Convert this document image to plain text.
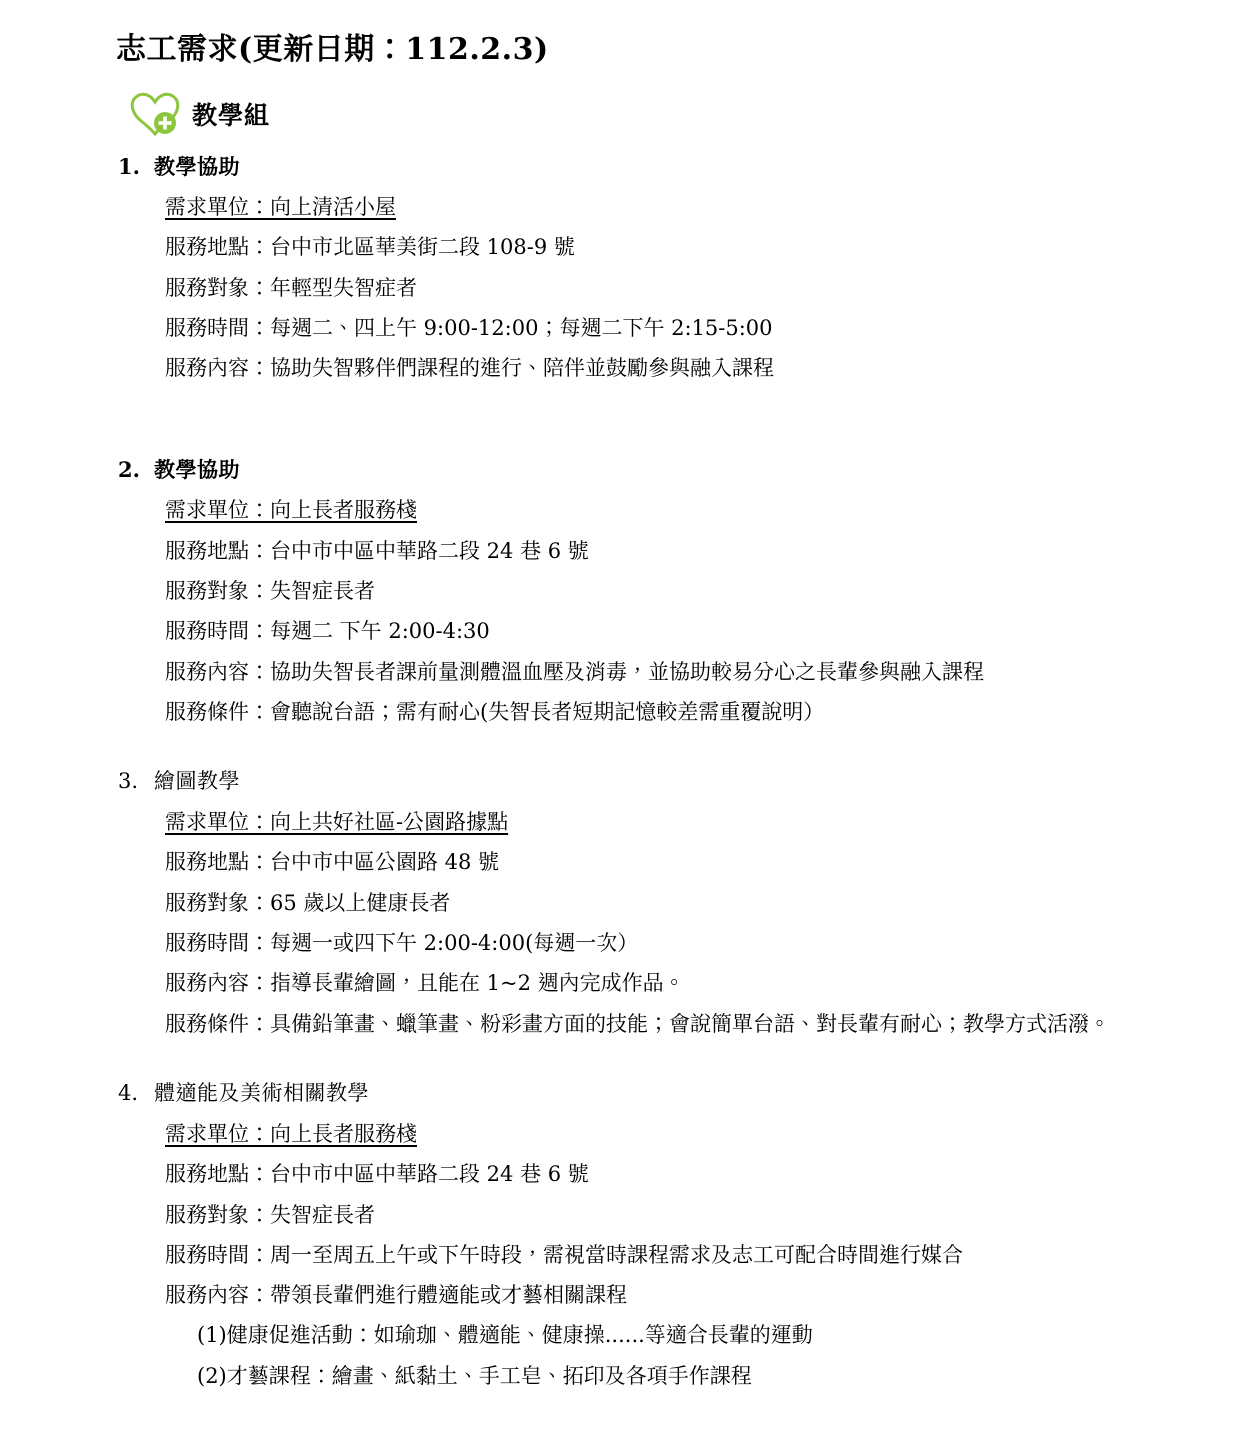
志工需求(更新日期：112.2.3)
教學組
1. 教學協助
需求單位： 向上清活小屋
服務地點： 台中市北區華美街二段 108-9 號
服務對象： 年輕型失智症者
服務時間： 每週二、四上午 9:00-12:00；每週二下午 2:15-5:00
服務內容： 協助失智夥伴們課程的進行、陪伴並鼓勵參與融入課程
2. 教學協助
需求單位： 向上長者服務棧
服務地點： 台中市中區中華路二段 24 巷 6 號
服務對象： 失智症長者
服務時間： 每週二 下午 2:00-4:30
服務內容： 協助失智長者課前量測體溫血壓及消毒，並協助較易分心之長輩參與融入課程
服務條件： 會聽說台語；需有耐心(失智長者短期記憶較差需重覆說明）
3. 繪圖教學
需求單位： 向上共好社區-公園路據點
服務地點： 台中市中區公園路 48 號
服務對象： 65 歲以上健康長者
服務時間： 每週一或四下午 2:00-4:00(每週一次）
服務內容： 指導長輩繪圖，且能在 1~2 週內完成作品。
服務條件： 具備鉛筆畫、蠟筆畫、粉彩畫方面的技能；會說簡單台語、對長輩有耐心；教學方式活潑。
4. 體適能及美術相關教學
需求單位： 向上長者服務棧
服務地點： 台中市中區中華路二段 24 巷 6 號
服務對象： 失智症長者
服務時間： 周一至周五上午或下午時段，需視當時課程需求及志工可配合時間進行媒合
服務內容： 帶領長輩們進行體適能或才藝相關課程
(1)健康促進活動：如瑜珈、體適能、健康操......等適合長輩的運動
(2)才藝課程：繪畫、紙黏土、手工皂、拓印及各項手作課程
